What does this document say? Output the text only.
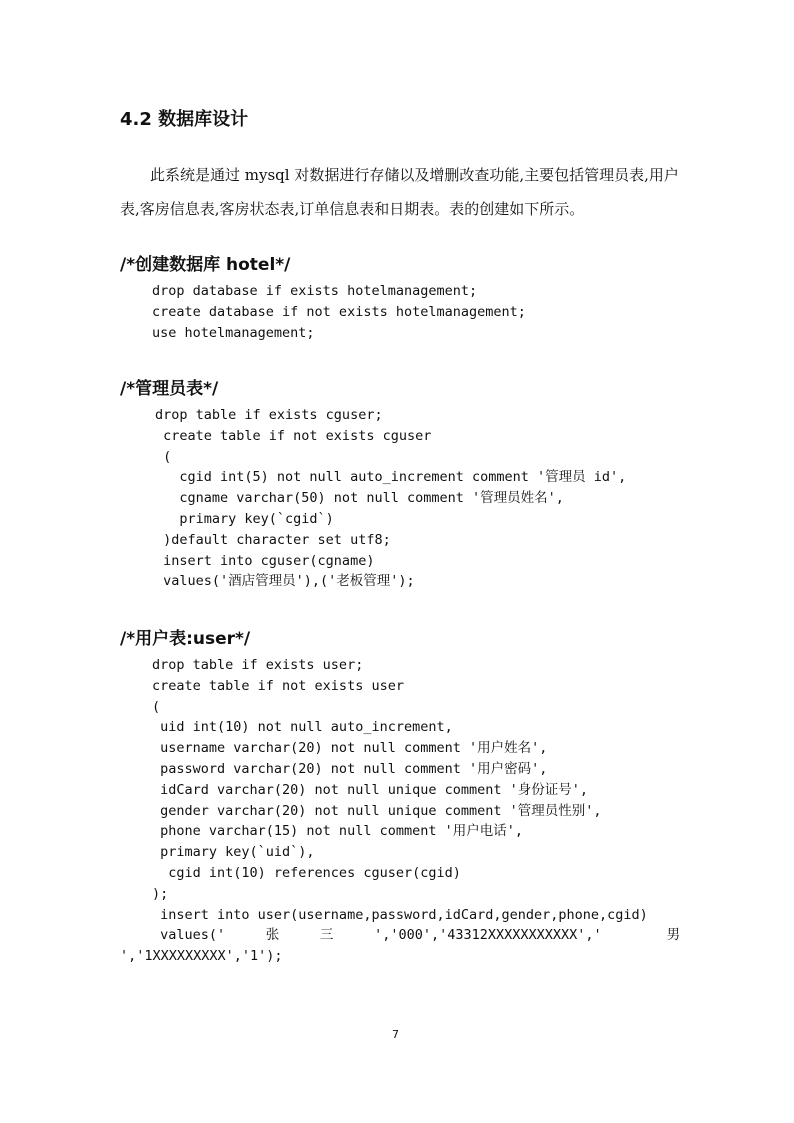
4.2 数据库设计

此系统是通过 mysql 对数据进行存储以及增删改查功能,主要包括管理员表,用户表,客房信息表,客房状态表,订单信息表和日期表。表的创建如下所示。

/*创建数据库 hotel*/
drop database if exists hotelmanagement;
create database if not exists hotelmanagement;
use hotelmanagement;
/*管理员表*/
drop table if exists cguser;
create table if not exists cguser
(
cgid int(5) not null auto_increment comment '管理员 id',
cgname varchar(50) not null comment '管理员姓名',
primary key(`cgid`)
)default character set utf8;
insert into cguser(cgname)
values('酒店管理员'),('老板管理');
/*用户表:user*/
drop table if exists user;
create table if not exists user
(
uid int(10) not null auto_increment,
username varchar(20) not null comment '用户姓名',
password varchar(20) not null comment '用户密码',
idCard varchar(20) not null unique comment '身份证号',
gender varchar(20) not null unique comment '管理员性别',
phone varchar(15) not null comment '用户电话',
primary key(`uid`),
cgid int(10) references cguser(cgid)
);
insert into user(username,password,idCard,gender,phone,cgid)
values('     张     三     ','000','43312XXXXXXXXXXX','        男
','1XXXXXXXXX','1');
7
